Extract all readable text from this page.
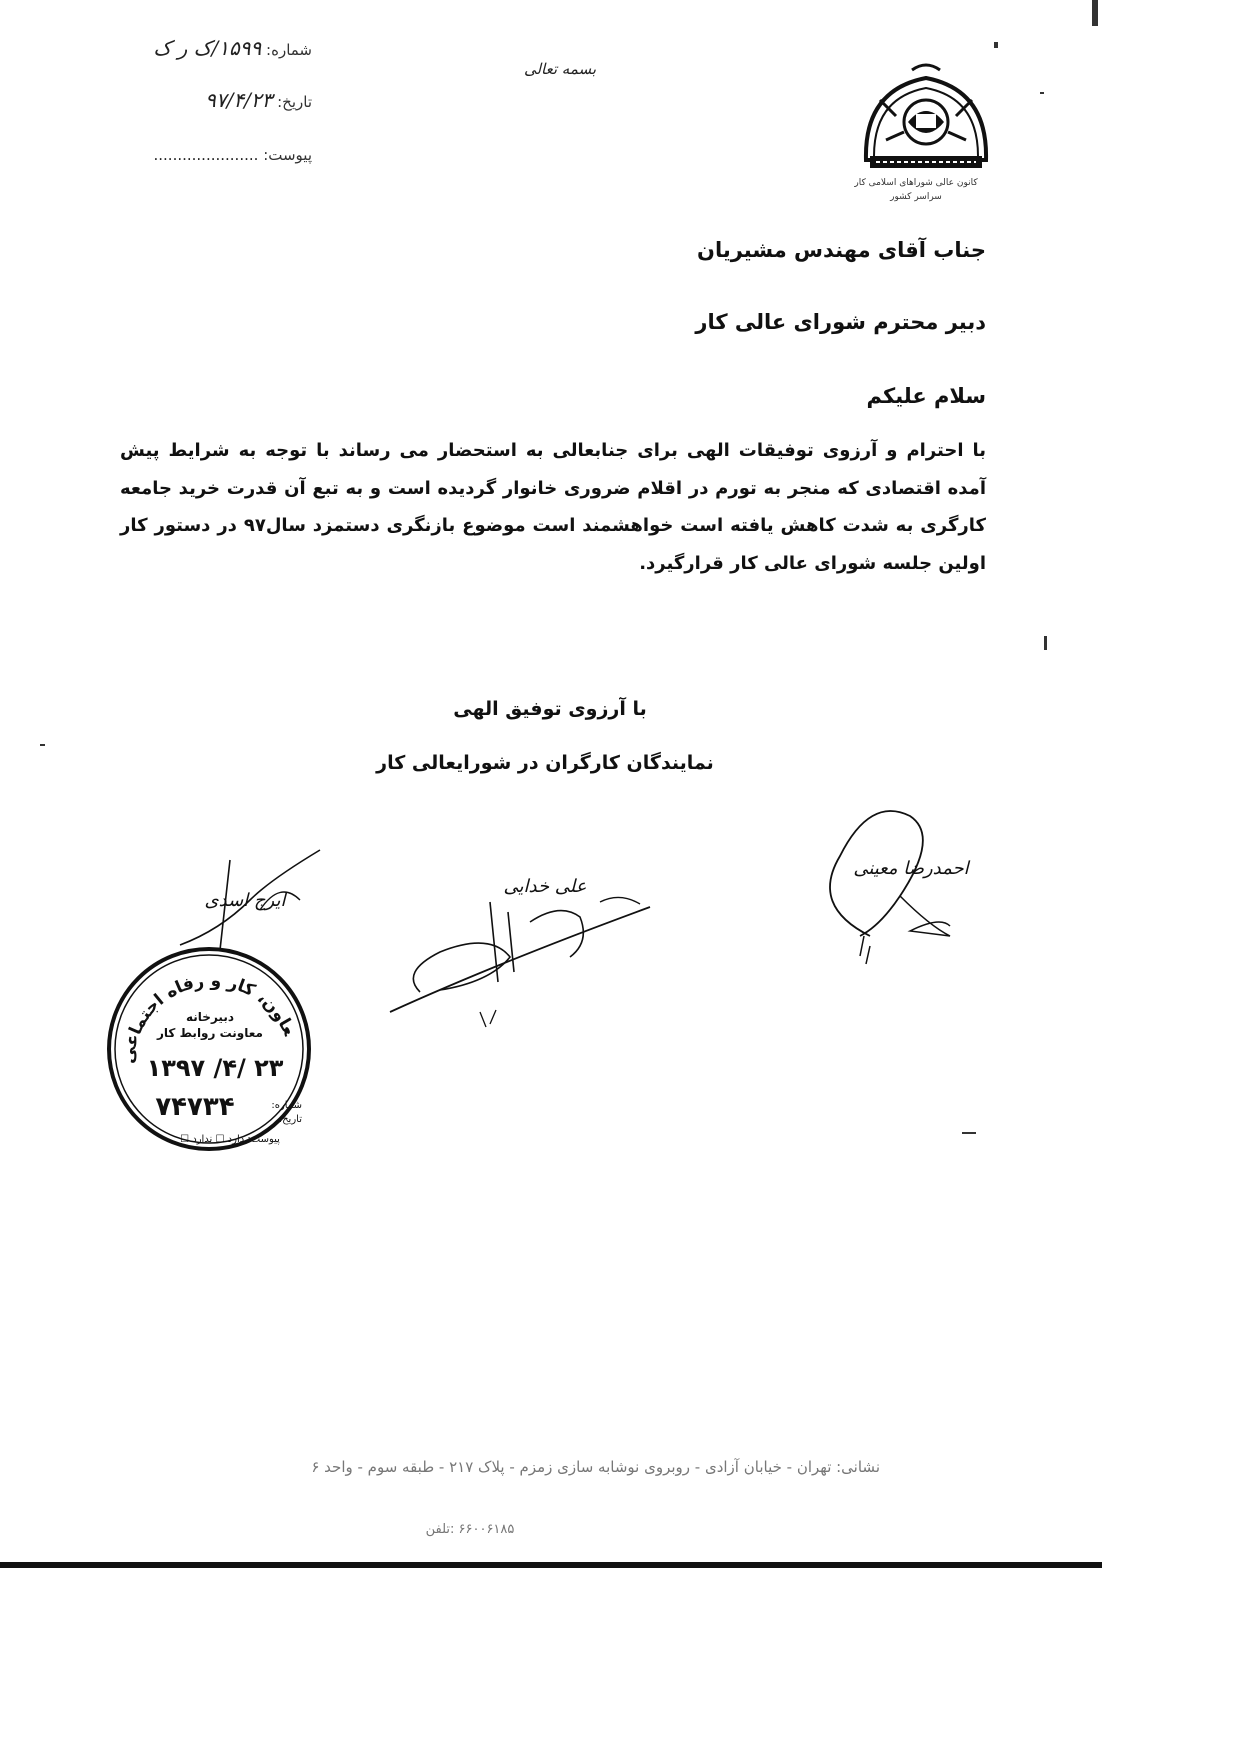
کانون عالی شوراهای اسلامی کار
سراسر کشور
بسمه تعالی
شماره: ۱۵۹۹/ک ر ک
تاریخ: ۹۷/۴/۲۳
پیوست: ......................
جناب آقای مهندس مشیریان
دبیر محترم شورای عالی کار
سلام علیکم
با احترام و آرزوی توفیقات الهی برای جنابعالی به استحضار می رساند با توجه به شرایط پیش آمده اقتصادی که منجر به تورم در اقلام ضروری خانوار گردیده است و به تبع آن قدرت خرید جامعه کارگری به شدت کاهش یافته است خواهشمند است موضوع بازنگری دستمزد سال۹۷ در دستور کار اولین جلسه شورای عالی کار قرارگیرد.
با آرزوی توفیق الهی
نمایندگان کارگران در شورایعالی کار
احمدرضا معینی
علی خدایی
ایرج اسدی
عاون، کار و رفاه اجتماعی
دبیرخانه
معاونت روابط کار
۱۳۹۷ /۴/ ۲۳
۷۴۷۳۴	شماره:
تاریخ:
پیوست: دارد ☐ ندارد ☐
نشانی: تهران - خیابان آزادی - روبروی نوشابه سازی زمزم - پلاک ۲۱۷ - طبقه سوم - واحد ۶
۶۶۰۰۶۱۸۵ :تلفن
